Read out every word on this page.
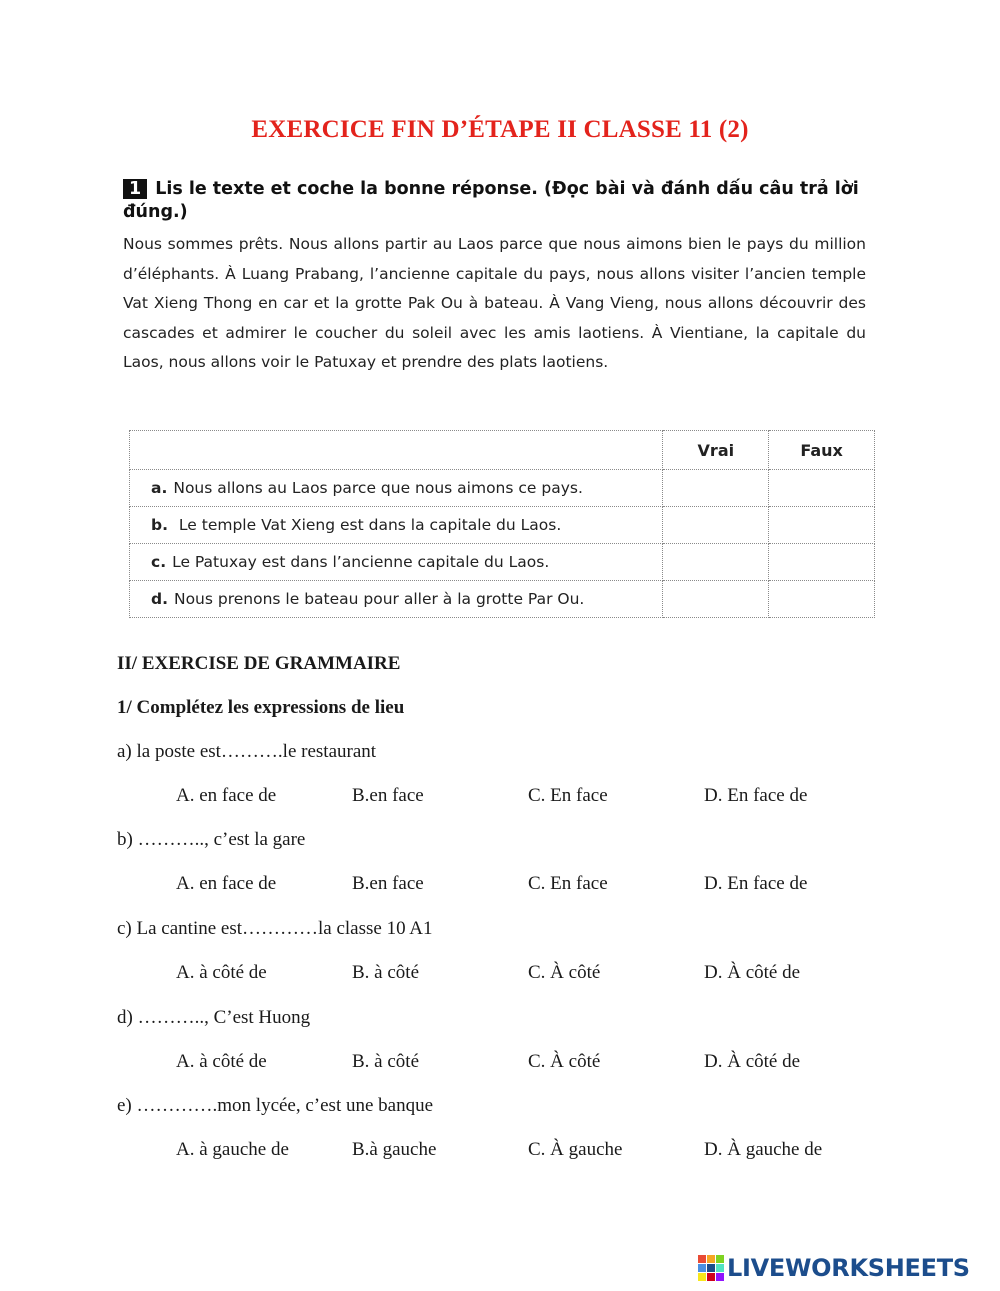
EXERCICE FIN D’ÉTAPE II CLASSE 11 (2)
1 Lis le texte et coche la bonne réponse. (Đọc bài và đánh dấu câu trả lời đúng.)
Nous sommes prêts. Nous allons partir au Laos parce que nous aimons bien le pays du million d’éléphants. À Luang Prabang, l’ancienne capitale du pays, nous allons visiter l’ancien temple Vat Xieng Thong en car et la grotte Pak Ou à bateau. À Vang Vieng, nous allons découvrir des cascades et admirer le coucher du soleil avec les amis laotiens. À Vientiane, la capitale du Laos, nous allons voir le Patuxay et prendre des plats laotiens.
	Vrai	Faux
a. Nous allons au Laos parce que nous aimons ce pays.		
b. Le temple Vat Xieng est dans la capitale du Laos.		
c. Le Patuxay est dans l’ancienne capitale du Laos.		
d. Nous prenons le bateau pour aller à la grotte Par Ou.		
II/ EXERCISE DE GRAMMAIRE
1/ Complétez les expressions de lieu
a) la poste est……….le restaurant
A. en face de	B.en face	C. En face	D. En face de
b) ……….., c’est la gare
A. en face de	B.en face	C. En face	D. En face de
c) La cantine est…………la classe 10 A1
A. à côté de	B. à côté	C. À côté	D. À côté de
d) ……….., C’est Huong
A. à côté de	B. à côté	C. À côté	D. À côté de
e) ………….mon lycée, c’est une banque
A. à gauche de	B.à gauche	C. À gauche	D. À gauche de
LIVEWORKSHEETS
